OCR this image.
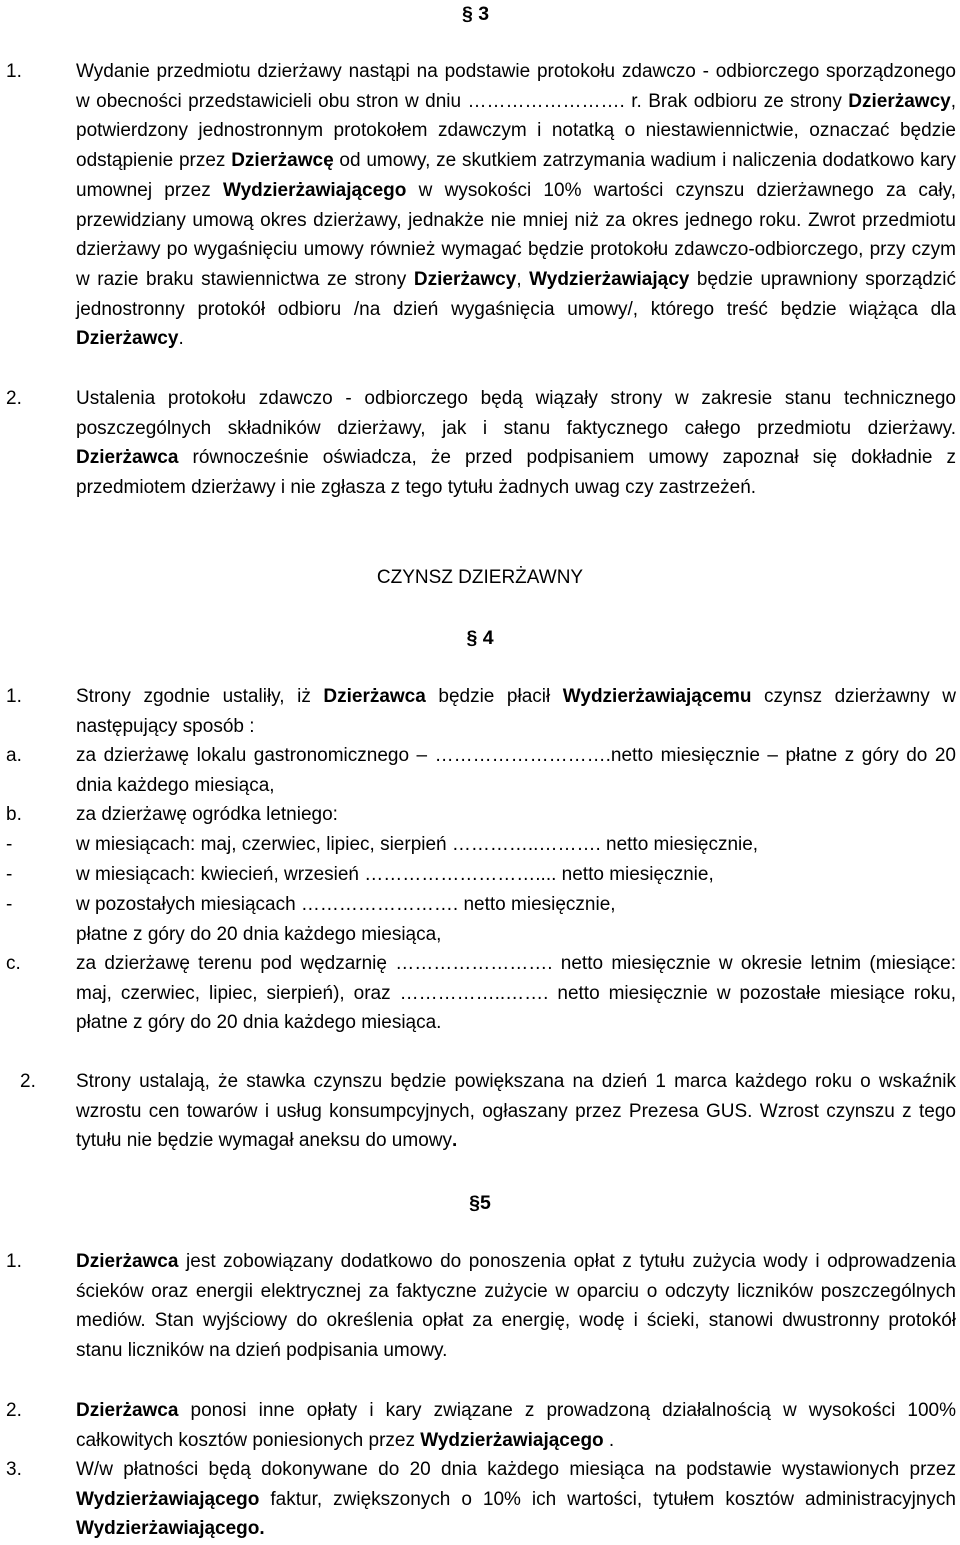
§ 3
1.	Wydanie przedmiotu dzierżawy nastąpi na podstawie protokołu zdawczo - odbiorczego sporządzonego w obecności przedstawicieli obu stron w dniu ……………………. r. Brak odbioru ze strony Dzierżawcy, potwierdzony jednostronnym protokołem zdawczym i notatką o niestawiennictwie, oznaczać będzie odstąpienie przez Dzierżawcę od umowy, ze skutkiem zatrzymania wadium i naliczenia dodatkowo kary umownej przez Wydzierżawiającego w wysokości 10% wartości czynszu dzierżawnego za cały, przewidziany umową okres dzierżawy, jednakże nie mniej niż za okres jednego roku. Zwrot przedmiotu dzierżawy po wygaśnięciu umowy również wymagać będzie protokołu zdawczo-odbiorczego, przy czym w razie braku stawiennictwa ze strony Dzierżawcy, Wydzierżawiający będzie uprawniony sporządzić jednostronny protokół odbioru /na dzień wygaśnięcia umowy/, którego treść będzie wiążąca dla Dzierżawcy.
2.	Ustalenia protokołu zdawczo - odbiorczego będą wiązały strony w zakresie stanu technicznego poszczególnych składników dzierżawy, jak i stanu faktycznego całego przedmiotu dzierżawy. Dzierżawca równocześnie oświadcza, że przed podpisaniem umowy zapoznał się dokładnie z przedmiotem dzierżawy i nie zgłasza z tego tytułu żadnych uwag czy zastrzeżeń.
CZYNSZ DZIERŻAWNY
§ 4
1.	Strony zgodnie ustaliły, iż Dzierżawca będzie płacił Wydzierżawiającemu czynsz dzierżawny w następujący sposób :
a.	za dzierżawę lokalu gastronomicznego – ……………………….netto miesięcznie – płatne z góry do 20 dnia każdego miesiąca,
b.	za dzierżawę ogródka letniego:
-	w miesiącach: maj, czerwiec, lipiec, sierpień …………..………. netto miesięcznie,
-	w miesiącach: kwiecień, wrzesień ……………………….... netto miesięcznie,
-	w pozostałych miesiącach ……………………. netto miesięcznie,
płatne z góry do 20 dnia każdego miesiąca,
c.	za dzierżawę terenu pod wędzarnię ……………………. netto miesięcznie w okresie letnim (miesiące: maj, czerwiec, lipiec, sierpień), oraz ……………..……. netto miesięcznie w pozostałe miesiące roku, płatne z góry do 20 dnia każdego miesiąca.
2. Strony ustalają, że stawka czynszu będzie powiększana na dzień 1 marca każdego roku o wskaźnik wzrostu cen towarów i usług konsumpcyjnych, ogłaszany przez Prezesa GUS. Wzrost czynszu z tego tytułu nie będzie wymagał aneksu do umowy.
§5
1.	Dzierżawca jest zobowiązany dodatkowo do ponoszenia opłat z tytułu zużycia wody i odprowadzenia ścieków oraz energii elektrycznej za faktyczne zużycie w oparciu o odczyty liczników poszczególnych mediów. Stan wyjściowy do określenia opłat za energię, wodę i ścieki, stanowi dwustronny protokół stanu liczników na dzień podpisania umowy.
2.	Dzierżawca ponosi inne opłaty i kary związane z prowadzoną działalnością w wysokości 100% całkowitych kosztów poniesionych przez Wydzierżawiającego .
3.	W/w płatności będą dokonywane do 20 dnia każdego miesiąca na podstawie wystawionych przez Wydzierżawiającego faktur, zwiększonych o 10% ich wartości, tytułem kosztów administracyjnych Wydzierżawiającego.
